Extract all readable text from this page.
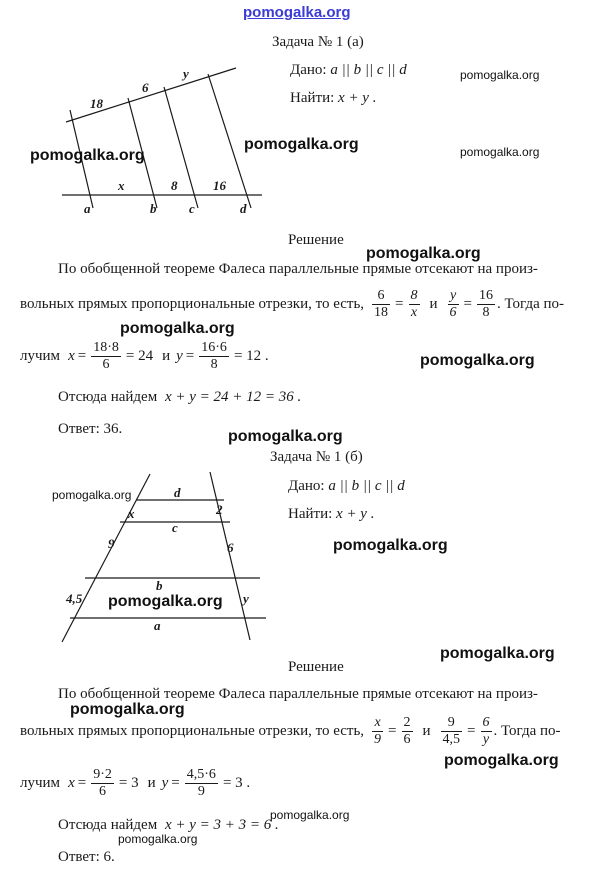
pomogalka.org
Задача № 1 (а)
Дано: a || b || c || d
Найти: x + y .
18
6
y
x	8	16
a	b	c	d
pomogalka.org
pomogalka.org
pomogalka.org	pomogalka.org
Решение
pomogalka.org
По обобщенной теореме Фалеса параллельные прямые отсекают на произ-
вольных прямых пропорциональные отрезки, то есть, $\frac{6}{18} = \frac{8}{x}$ и $\frac{y}{6} = \frac{16}{8}$ . Тогда по-
pomogalka.org
лучим $x = \frac{18\cdot 8}{6} = 24$ и $y = \frac{16\cdot 6}{8} = 12$ .	pomogalka.org
Отсюда найдем x + y = 24 + 12 = 36 .
Ответ: 36.	pomogalka.org
Задача № 1 (б)
Дано: a || b || c || d
Найти: x + y .
pomogalka.org	d
x	2
c
9	6
b
4,5	y
a
pomogalka.org
pomogalka.org
Решение
pomogalka.org
По обобщенной теореме Фалеса параллельные прямые отсекают на произ-
pomogalka.org
вольных прямых пропорциональные отрезки, то есть, $\frac{x}{9} = \frac{2}{6}$ и $\frac{9}{4,5} = \frac{6}{y}$ . Тогда по-
pomogalka.org
лучим $x = \frac{9\cdot 2}{6} = 3$ и $y = \frac{4,5\cdot 6}{9} = 3$ .
pomogalka.org
Отсюда найдем x + y = 3 + 3 = 6 .
pomogalka.org
Ответ: 6.
